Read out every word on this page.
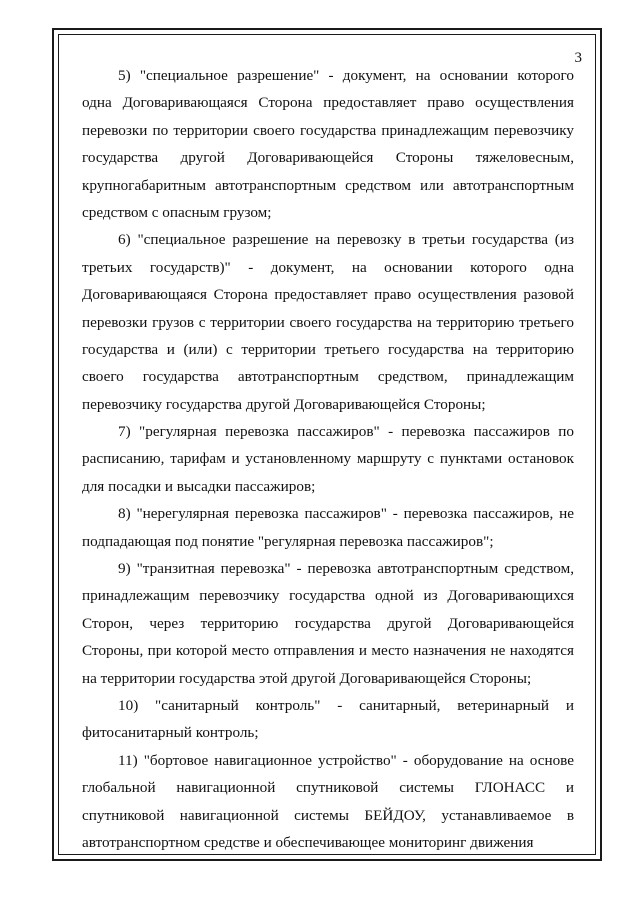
3
5) "специальное разрешение" - документ, на основании которого
одна Договаривающаяся Сторона предоставляет право осуществления
перевозки по территории своего государства принадлежащим перевозчику
государства другой Договаривающейся Стороны тяжеловесным,
крупногабаритным автотранспортным средством или автотранспортным
средством с опасным грузом;
6) "специальное разрешение на перевозку в третьи государства (из
третьих государств)" - документ, на основании которого одна
Договаривающаяся Сторона предоставляет право осуществления разовой
перевозки грузов с территории своего государства на территорию третьего
государства и (или) с территории третьего государства на территорию
своего государства автотранспортным средством, принадлежащим
перевозчику государства другой Договаривающейся Стороны;
7) "регулярная перевозка пассажиров" - перевозка пассажиров по
расписанию, тарифам и установленному маршруту с пунктами остановок
для посадки и высадки пассажиров;
8) "нерегулярная перевозка пассажиров" - перевозка пассажиров, не
подпадающая под понятие "регулярная перевозка пассажиров";
9) "транзитная перевозка" - перевозка автотранспортным средством,
принадлежащим перевозчику государства одной из Договаривающихся
Сторон, через территорию государства другой Договаривающейся
Стороны, при которой место отправления и место назначения не находятся
на территории государства этой другой Договаривающейся Стороны;
10) "санитарный контроль" - санитарный, ветеринарный и
фитосанитарный контроль;
11) "бортовое навигационное устройство" - оборудование на основе
глобальной навигационной спутниковой системы ГЛОНАСС и
спутниковой навигационной системы БЕЙДОУ, устанавливаемое в
автотранспортном средстве и обеспечивающее мониторинг движения
